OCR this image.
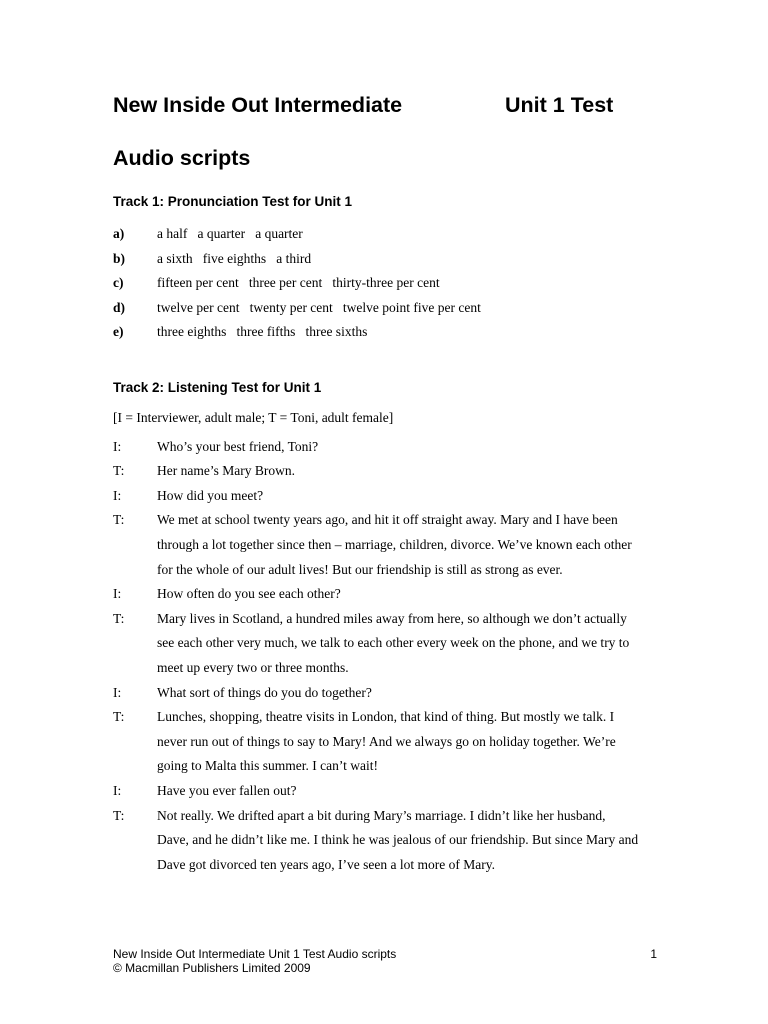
New Inside Out Intermediate	Unit 1 Test
Audio scripts
Track 1: Pronunciation Test for Unit 1
a)	a half   a quarter   a quarter
b)	a sixth   five eighths   a third
c)	fifteen per cent   three per cent   thirty-three per cent
d)	twelve per cent   twenty per cent   twelve point five per cent
e)	three eighths   three fifths   three sixths
Track 2: Listening Test for Unit 1
[I = Interviewer, adult male; T = Toni, adult female]
I:	Who’s your best friend, Toni?
T:	Her name’s Mary Brown.
I:	How did you meet?
T:	We met at school twenty years ago, and hit it off straight away. Mary and I have been
through a lot together since then – marriage, children, divorce. We’ve known each other
for the whole of our adult lives! But our friendship is still as strong as ever.
I:	How often do you see each other?
T:	Mary lives in Scotland, a hundred miles away from here, so although we don’t actually
see each other very much, we talk to each other every week on the phone, and we try to
meet up every two or three months.
I:	What sort of things do you do together?
T:	Lunches, shopping, theatre visits in London, that kind of thing. But mostly we talk. I
never run out of things to say to Mary! And we always go on holiday together. We’re
going to Malta this summer. I can’t wait!
I:	Have you ever fallen out?
T:	Not really. We drifted apart a bit during Mary’s marriage. I didn’t like her husband,
Dave, and he didn’t like me. I think he was jealous of our friendship. But since Mary and
Dave got divorced ten years ago, I’ve seen a lot more of Mary.
New Inside Out Intermediate Unit 1 Test Audio scripts
© Macmillan Publishers Limited 2009
1
